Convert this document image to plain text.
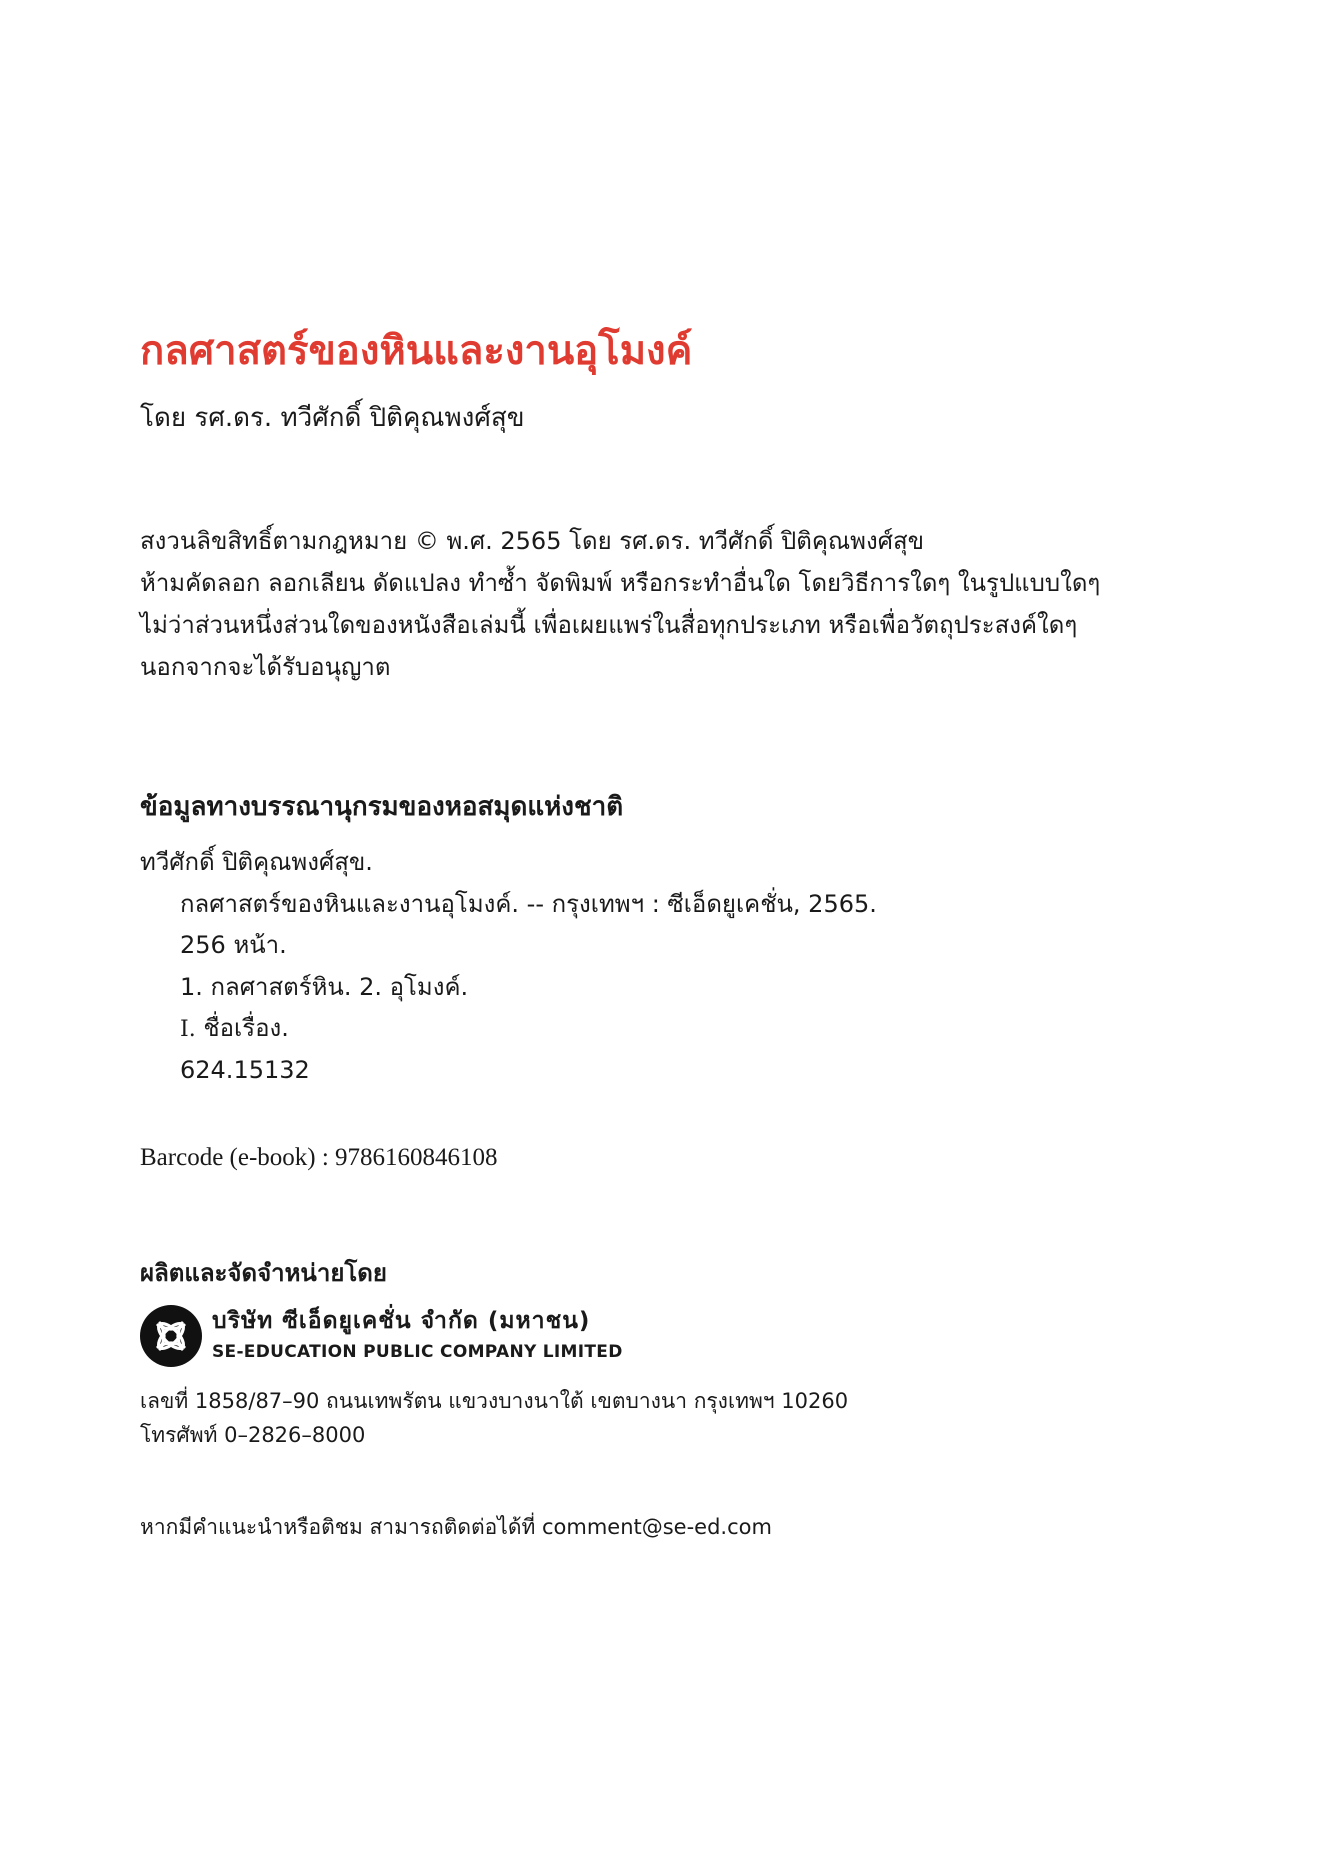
กลศาสตร์ของหินและงานอุโมงค์
โดย รศ.ดร. ทวีศักดิ์ ปิติคุณพงศ์สุข
สงวนลิขสิทธิ์ตามกฎหมาย © พ.ศ. 2565 โดย รศ.ดร. ทวีศักดิ์ ปิติคุณพงศ์สุข
ห้ามคัดลอก ลอกเลียน ดัดแปลง ทำซ้ำ จัดพิมพ์ หรือกระทำอื่นใด โดยวิธีการใดๆ ในรูปแบบใดๆ
ไม่ว่าส่วนหนึ่งส่วนใดของหนังสือเล่มนี้ เพื่อเผยแพร่ในสื่อทุกประเภท หรือเพื่อวัตถุประสงค์ใดๆ
นอกจากจะได้รับอนุญาต
ข้อมูลทางบรรณานุกรมของหอสมุดแห่งชาติ
ทวีศักดิ์ ปิติคุณพงศ์สุข.
กลศาสตร์ของหินและงานอุโมงค์. -- กรุงเทพฯ : ซีเอ็ดยูเคชั่น, 2565.
256 หน้า.
1. กลศาสตร์หิน. 2. อุโมงค์.
I. ชื่อเรื่อง.
624.15132
Barcode (e-book) : 9786160846108
ผลิตและจัดจำหน่ายโดย
บริษัท ซีเอ็ดยูเคชั่น จำกัด (มหาชน)
SE-EDUCATION PUBLIC COMPANY LIMITED
เลขที่ 1858/87–90 ถนนเทพรัตน แขวงบางนาใต้ เขตบางนา กรุงเทพฯ 10260
โทรศัพท์ 0–2826–8000
หากมีคำแนะนำหรือติชม สามารถติดต่อได้ที่ comment@se-ed.com
